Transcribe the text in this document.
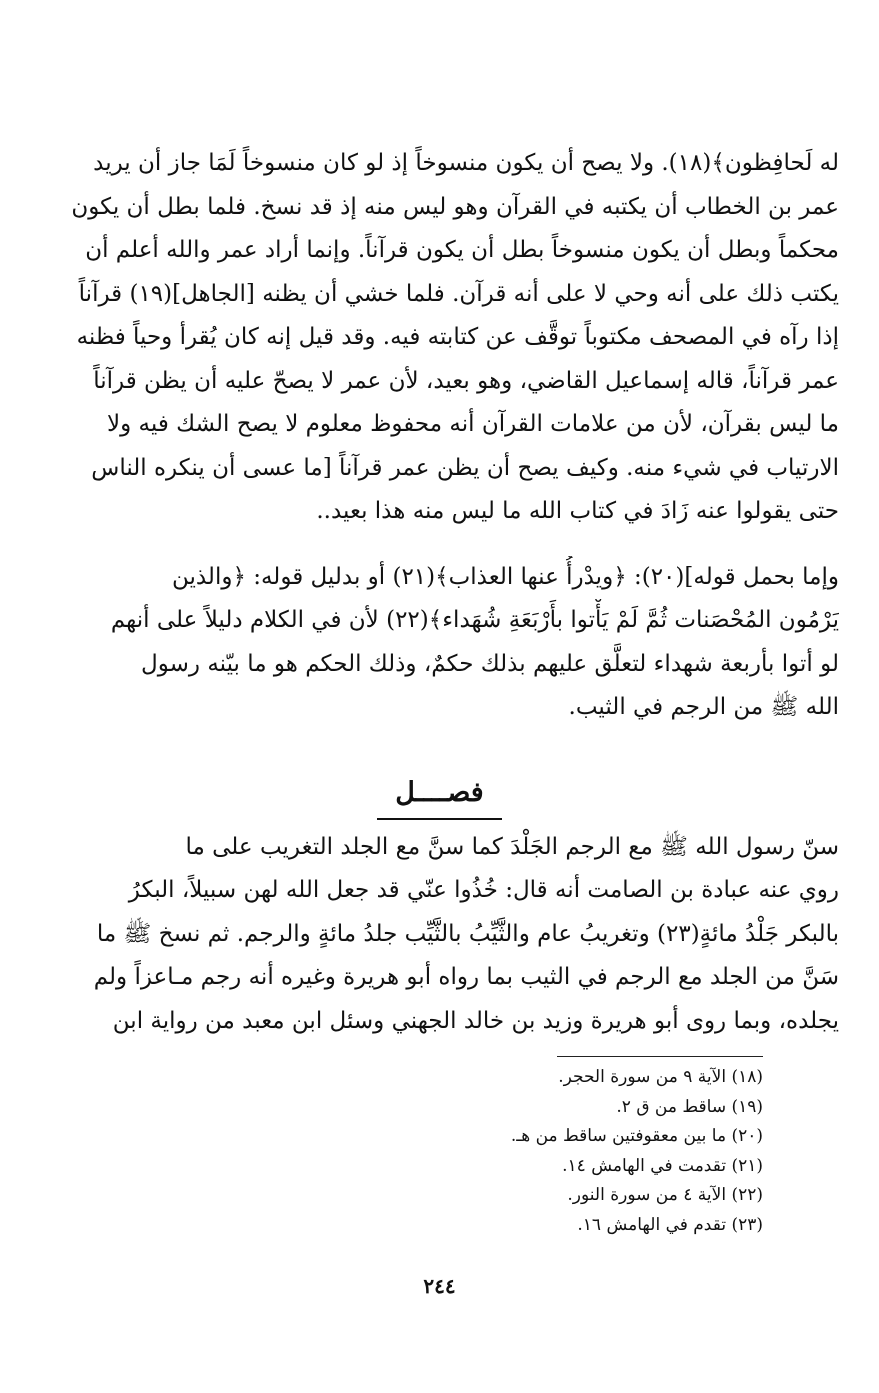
له لَحافِظون﴾(١٨). ولا يصح أن يكون منسوخاً إذ لو كان منسوخاً لَمَا جاز أن يريد
عمر بن الخطاب أن يكتبه في القرآن وهو ليس منه إذ قد نسخ. فلما بطل أن يكون
محكماً وبطل أن يكون منسوخاً بطل أن يكون قرآناً. وإنما أراد عمر والله أعلم أن
يكتب ذلك على أنه وحي لا على أنه قرآن. فلما خشي أن يظنه [الجاهل](١٩) قرآناً
إذا رآه في المصحف مكتوباً توقَّف عن كتابته فيه. وقد قيل إنه كان يُقرأ وحياً فظنه
عمر قرآناً، قاله إسماعيل القاضي، وهو بعيد، لأن عمر لا يصحّ عليه أن يظن قرآناً
ما ليس بقرآن، لأن من علامات القرآن أنه محفوظ معلوم لا يصح الشك فيه ولا
الارتياب في شيء منه. وكيف يصح أن يظن عمر قرآناً [ما عسى أن ينكره الناس
حتى يقولوا عنه زَادَ في كتاب الله ما ليس منه هذا بعيد..

وإما بحمل قوله](٢٠): ﴿ويدْرأُ عنها العذاب﴾(٢١) أو بدليل قوله: ﴿والذين
يَرْمُون المُحْصَنات ثُمَّ لَمْ يَأْتوا بأَرْبَعَةِ شُهَداء﴾(٢٢) لأن في الكلام دليلاً على أنهم
لو أتوا بأربعة شهداء لتعلَّق عليهم بذلك حكمٌ، وذلك الحكم هو ما بيّنه رسول
الله ﷺ من الرجم في الثيب.

فصــــل

سنّ رسول الله ﷺ مع الرجم الجَلْدَ كما سنَّ مع الجلد التغريب على ما
روي عنه عبادة بن الصامت أنه قال: خُذُوا عنّي قد جعل الله لهن سبيلاً، البكرُ
بالبكر جَلْدُ مائةٍ(٢٣) وتغريبُ عام والثَّيِّبُ بالثَّيِّب جلدُ مائةٍ والرجم. ثم نسخ ﷺ ما
سَنَّ من الجلد مع الرجم في الثيب بما رواه أبو هريرة وغيره أنه رجم مـاعزاً ولم
يجلده، وبما روى أبو هريرة وزيد بن خالد الجهني وسئل ابن معبد من رواية ابن

(١٨) الآية ٩ من سورة الحجر.
(١٩) ساقط من ق ٢.
(٢٠) ما بين معقوفتين ساقط من هـ.
(٢١) تقدمت في الهامش ١٤.
(٢٢) الآية ٤ من سورة النور.
(٢٣) تقدم في الهامش ١٦.
٢٤٤
